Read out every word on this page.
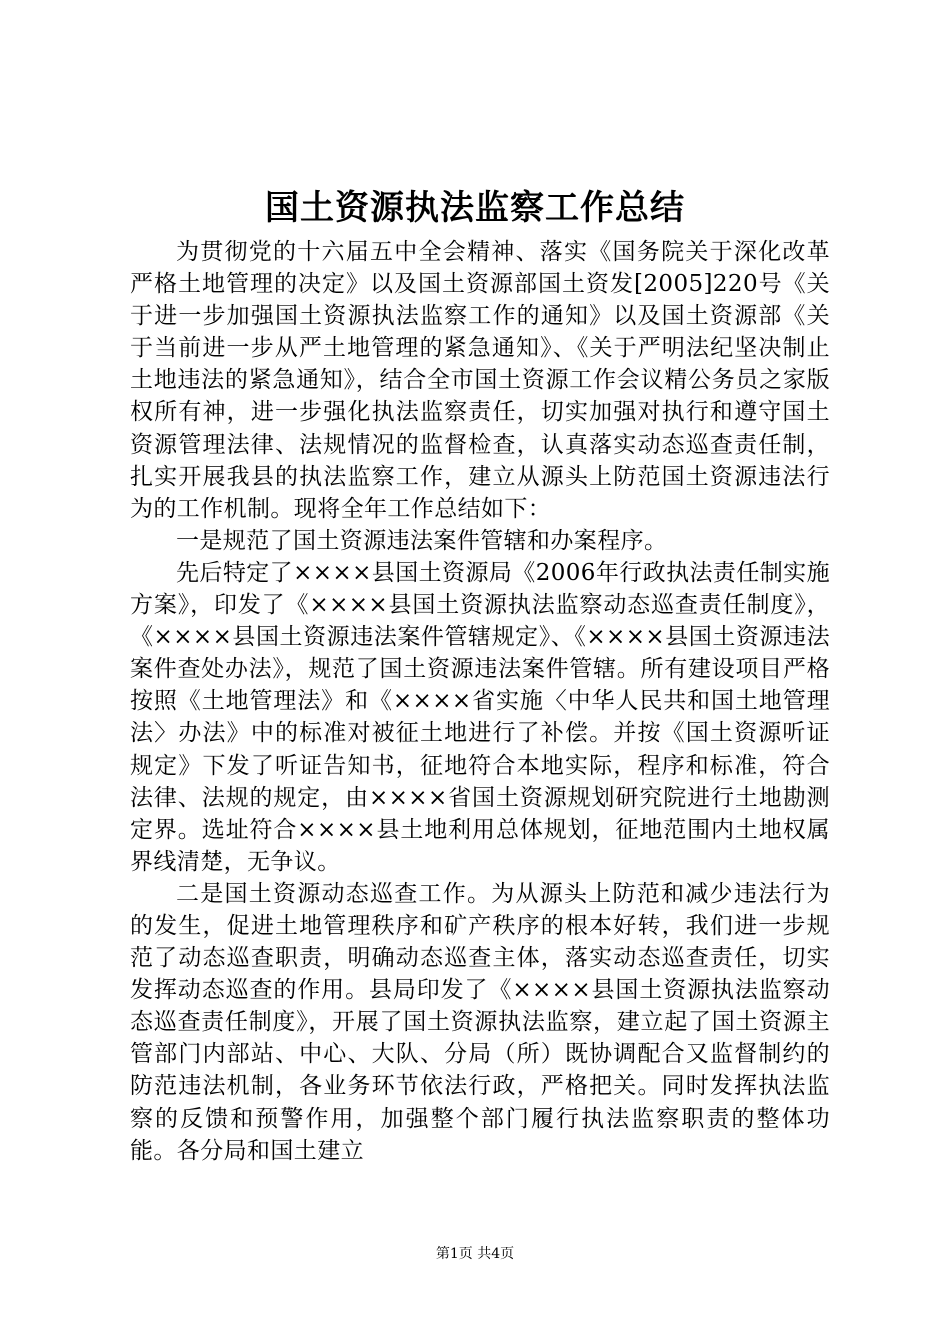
国土资源执法监察工作总结

为贯彻党的十六届五中全会精神、落实《国务院关于深化改革严格土地管理的决定》以及国土资源部国土资发[2005]220号《关于进一步加强国土资源执法监察工作的通知》以及国土资源部《关于当前进一步从严土地管理的紧急通知》、《关于严明法纪坚决制止土地违法的紧急通知》，结合全市国土资源工作会议精公务员之家版权所有神，进一步强化执法监察责任，切实加强对执行和遵守国土资源管理法律、法规情况的监督检查，认真落实动态巡查责任制，扎实开展我县的执法监察工作，建立从源头上防范国土资源违法行为的工作机制。现将全年工作总结如下：

一是规范了国土资源违法案件管辖和办案程序。

先后特定了××××县国土资源局《2006年行政执法责任制实施方案》，印发了《××××县国土资源执法监察动态巡查责任制度》，《××××县国土资源违法案件管辖规定》、《××××县国土资源违法案件查处办法》，规范了国土资源违法案件管辖。所有建设项目严格按照《土地管理法》和《××××省实施〈中华人民共和国土地管理法〉办法》中的标准对被征土地进行了补偿。并按《国土资源听证规定》下发了听证告知书，征地符合本地实际，程序和标准，符合法律、法规的规定，由××××省国土资源规划研究院进行土地勘测定界。选址符合××××县土地利用总体规划，征地范围内土地权属界线清楚，无争议。

二是国土资源动态巡查工作。为从源头上防范和减少违法行为的发生，促进土地管理秩序和矿产秩序的根本好转，我们进一步规范了动态巡查职责，明确动态巡查主体，落实动态巡查责任，切实发挥动态巡查的作用。县局印发了《××××县国土资源执法监察动态巡查责任制度》，开展了国土资源执法监察，建立起了国土资源主管部门内部站、中心、大队、分局（所）既协调配合又监督制约的防范违法机制，各业务环节依法行政，严格把关。同时发挥执法监察的反馈和预警作用，加强整个部门履行执法监察职责的整体功能。各分局和国土建立

第1页 共4页
